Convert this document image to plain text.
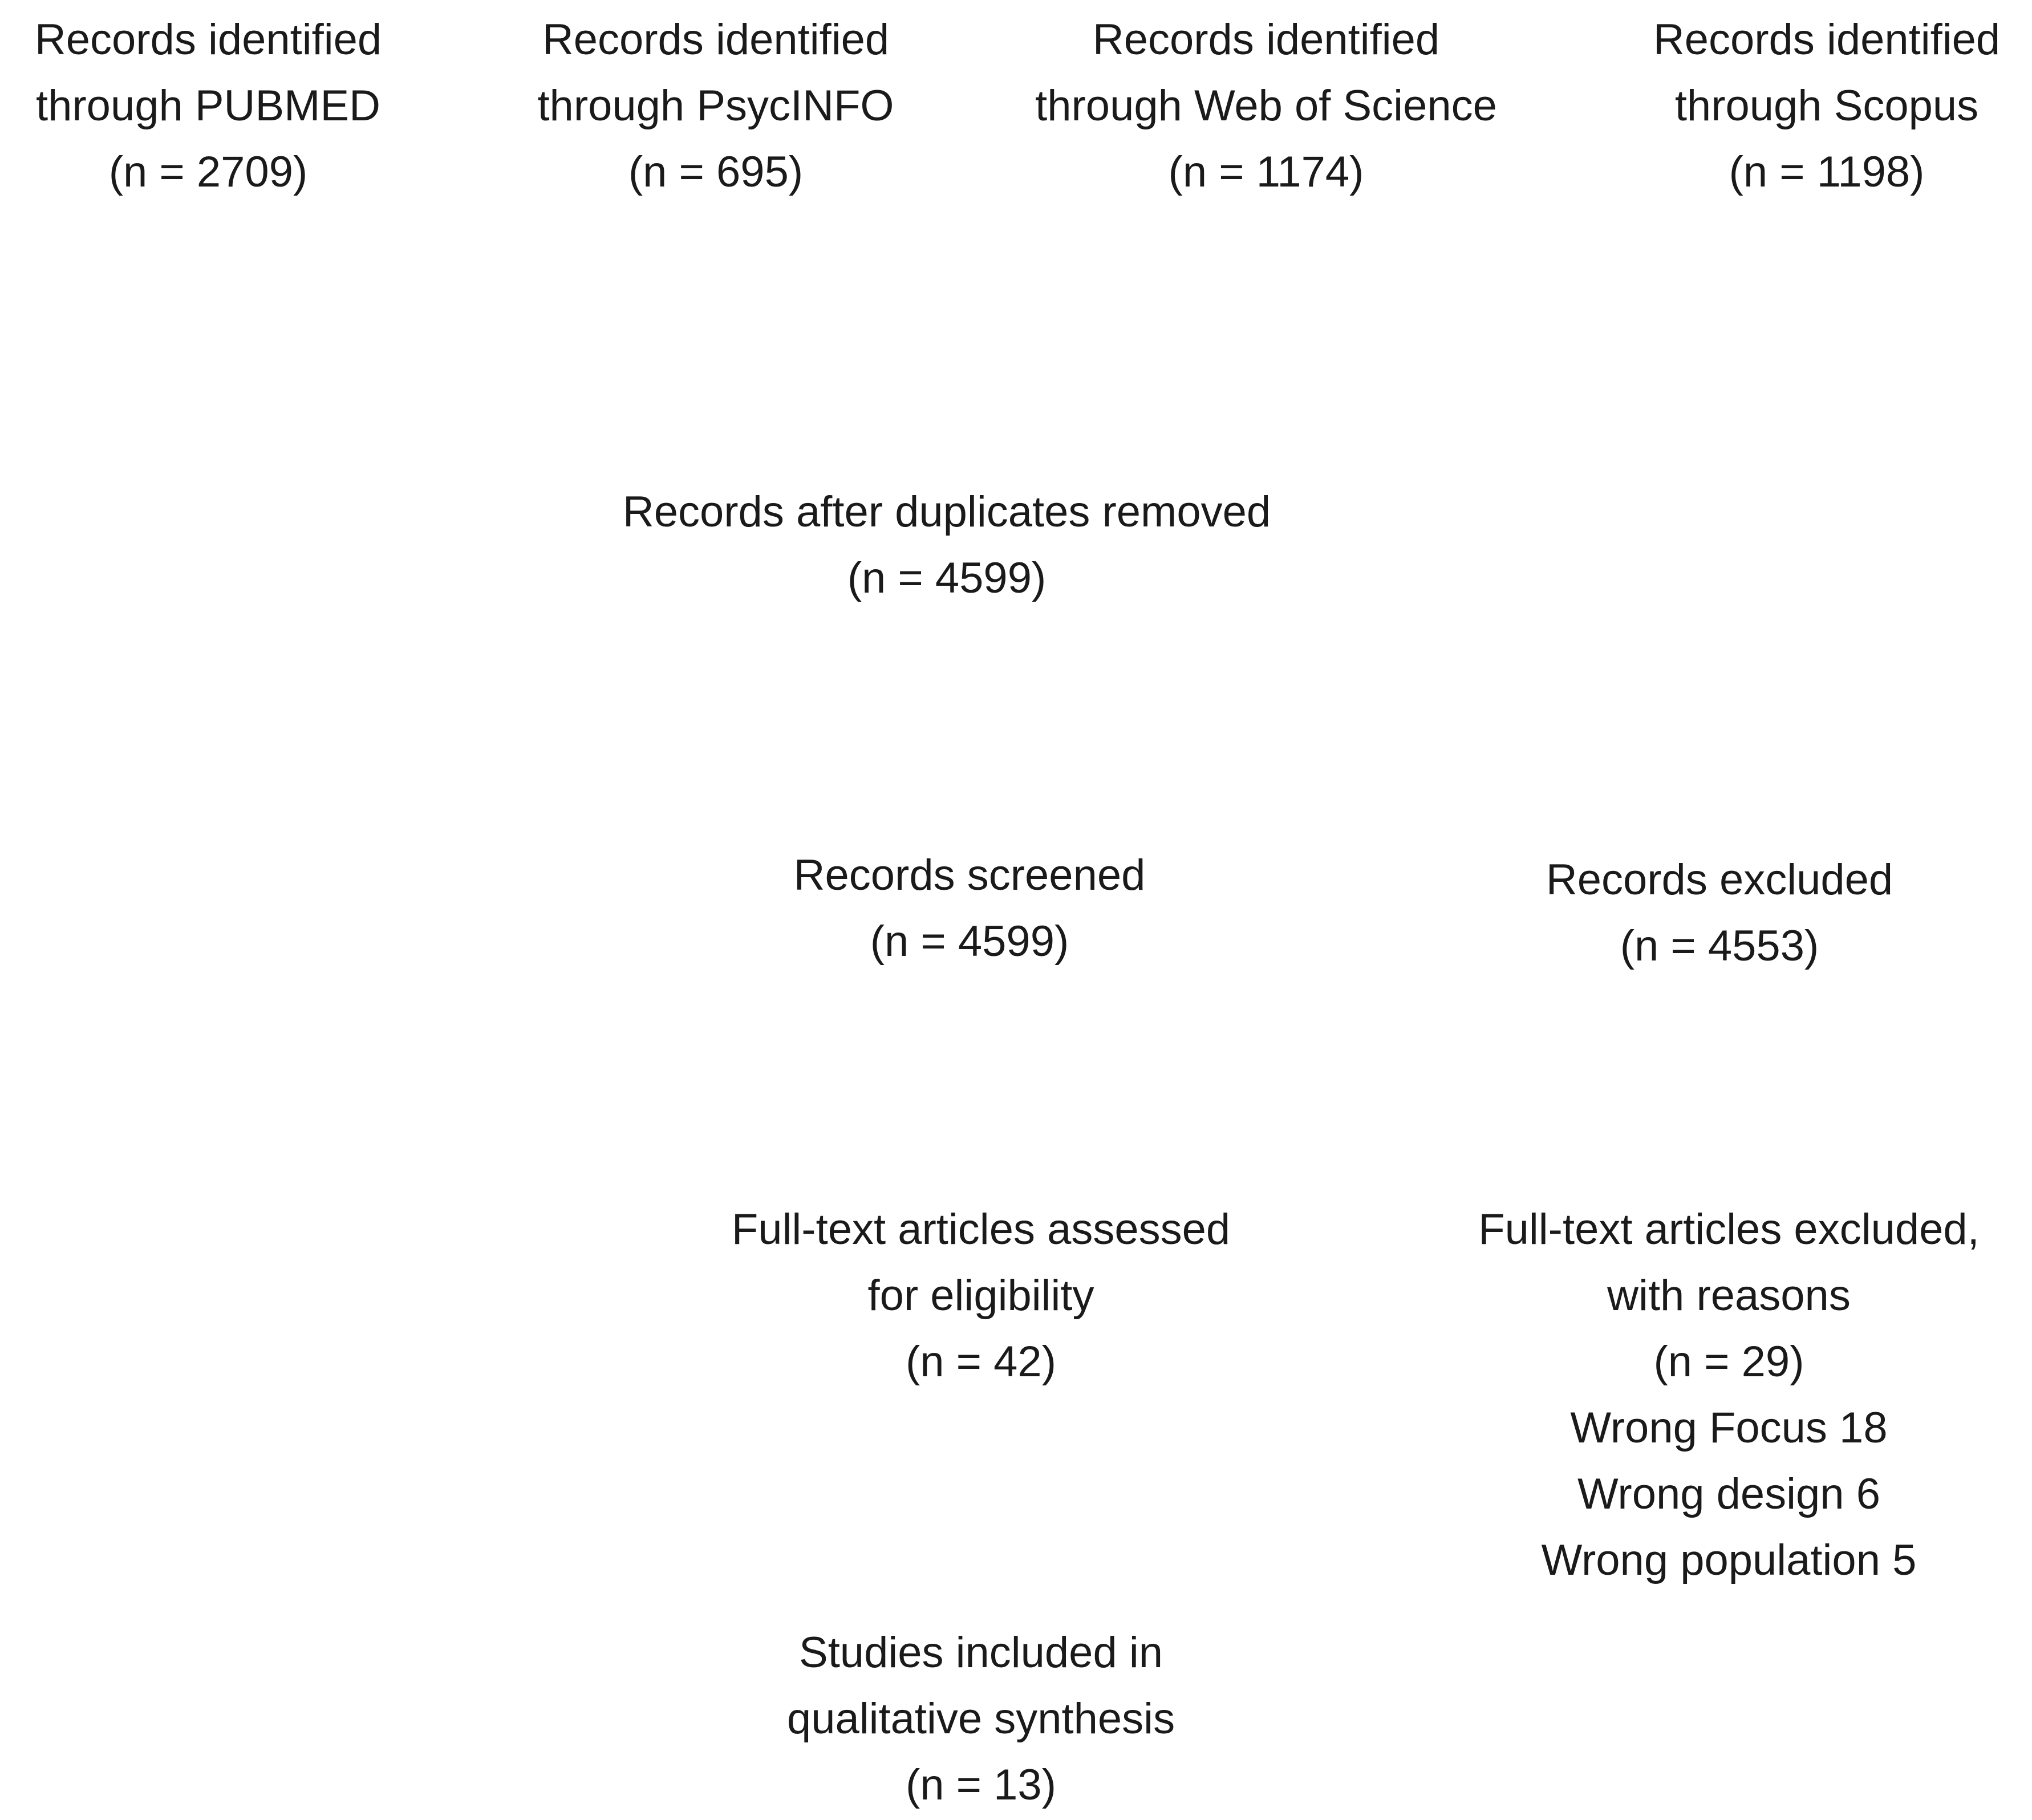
Records identified
through PUBMED
(n = 2709)
Records identified
through PsycINFO
(n = 695)
Records identified
through Web of Science
(n = 1174)
Records identified
through Scopus
(n = 1198)
Records after duplicates removed
(n = 4599)
Records screened
(n = 4599)
Records excluded
(n = 4553)
Full-text articles assessed
for eligibility
(n = 42)
Full-text articles excluded,
with reasons
(n = 29)
Wrong Focus 18
Wrong design 6
Wrong population 5
Studies included in
qualitative synthesis
(n = 13)
